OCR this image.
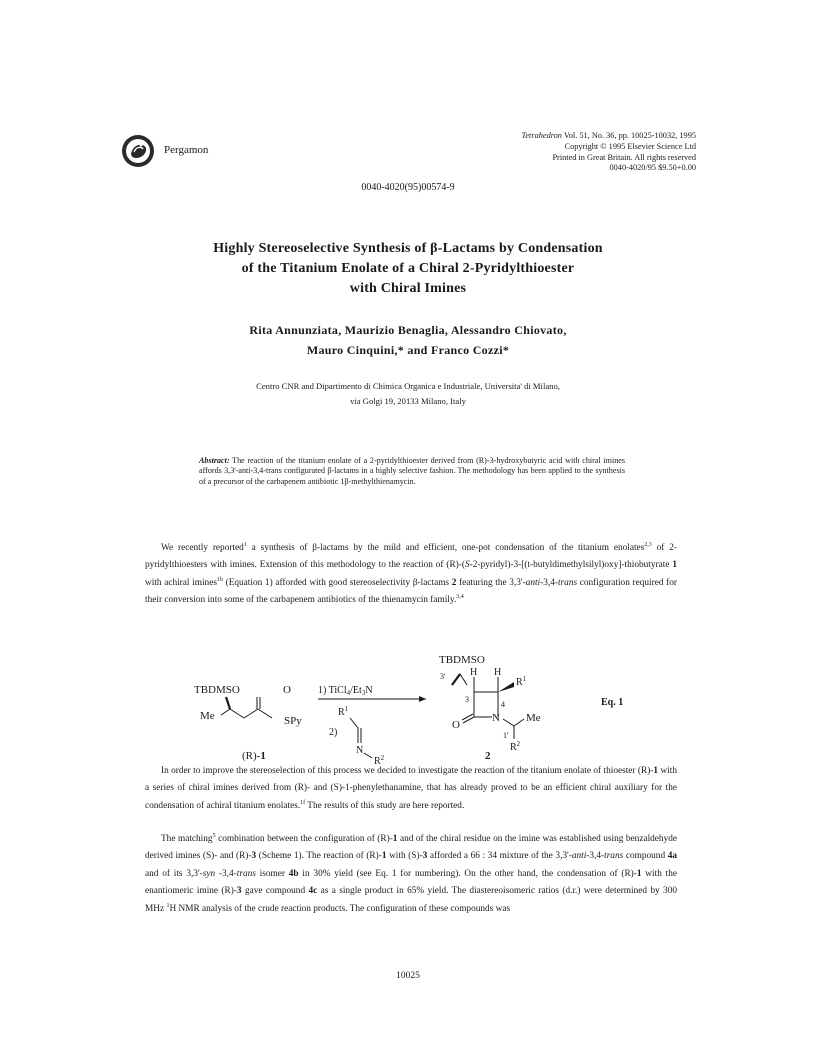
Pergamon
Tetrahedron Vol. 51, No. 36, pp. 10025-10032, 1995
Copyright © 1995 Elsevier Science Ltd
Printed in Great Britain. All rights reserved
0040-4020/95 $9.50+0.00
0040-4020(95)00574-9
Highly Stereoselective Synthesis of β-Lactams by Condensation
of the Titanium Enolate of a Chiral 2-Pyridylthioester
with Chiral Imines
Rita Annunziata, Maurizio Benaglia, Alessandro Chiovato,
Mauro Cinquini,* and Franco Cozzi*
Centro CNR and Dipartimento di Chimica Organica e Industriale, Universita' di Milano,
via Golgi 19, 20133 Milano, Italy
Abstract: The reaction of the titanium enolate of a 2-pyridylthioester derived from (R)-3-hydroxybutyric acid with chiral imines affords 3,3'-anti-3,4-trans configurated β-lactams in a highly selective fashion. The methodology has been applied to the synthesis of a precursor of the carbapenem antibiotic 1β-methylthienamycin.
We recently reported$^1$ a synthesis of β-lactams by the mild and efficient, one-pot condensation of the titanium enolates$^{2,3}$ of 2-pyridylthioesters with imines. Extension of this methodology to the reaction of (R)-(S-2-pyridyl)-3-[(t-butyldimethylsilyl)oxy]-thiobutyrate 1 with achiral imines$^{1b}$ (Equation 1) afforded with good stereoselectivity β-lactams 2 featuring the 3,3'-anti-3,4-trans configuration required for their conversion into some of the carbapenem antibiotics of the thienamycin family.$^{3,4}$
TBDMSO	O
Me	SPy
(R)-1
1) $TiCl_4/Et_3N$
$R^1$
2)
N
$R^2$
TBDMSO
3' H H
$R^1$
3
4
O
N Me
1'
$R^2$
2
Eq. 1
In order to improve the stereoselection of this process we decided to investigate the reaction of the titanium enolate of thioester (R)-1 with a series of chiral imines derived from (R)- and (S)-1-phenylethanamine, that has already proved to be an efficient chiral auxiliary for the condensation of achiral titanium enolates.$^{1f}$ The results of this study are here reported.
The matching$^5$ combination between the configuration of (R)-1 and of the chiral residue on the imine was established using benzaldehyde derived imines (S)- and (R)-3 (Scheme 1). The reaction of (R)-1 with (S)-3 afforded a 66 : 34 mixture of the 3,3'-anti-3,4-trans compound 4a and of its 3,3'-syn -3,4-trans isomer 4b in 30% yield (see Eq. 1 for numbering). On the other hand, the condensation of (R)-1 with the enantiomeric imine (R)-3 gave compound 4c as a single product in 65% yield. The diastereoisomeric ratios (d.r.) were determined by 300 MHz $^1$H NMR analysis of the crude reaction products. The configuration of these compounds was
10025
